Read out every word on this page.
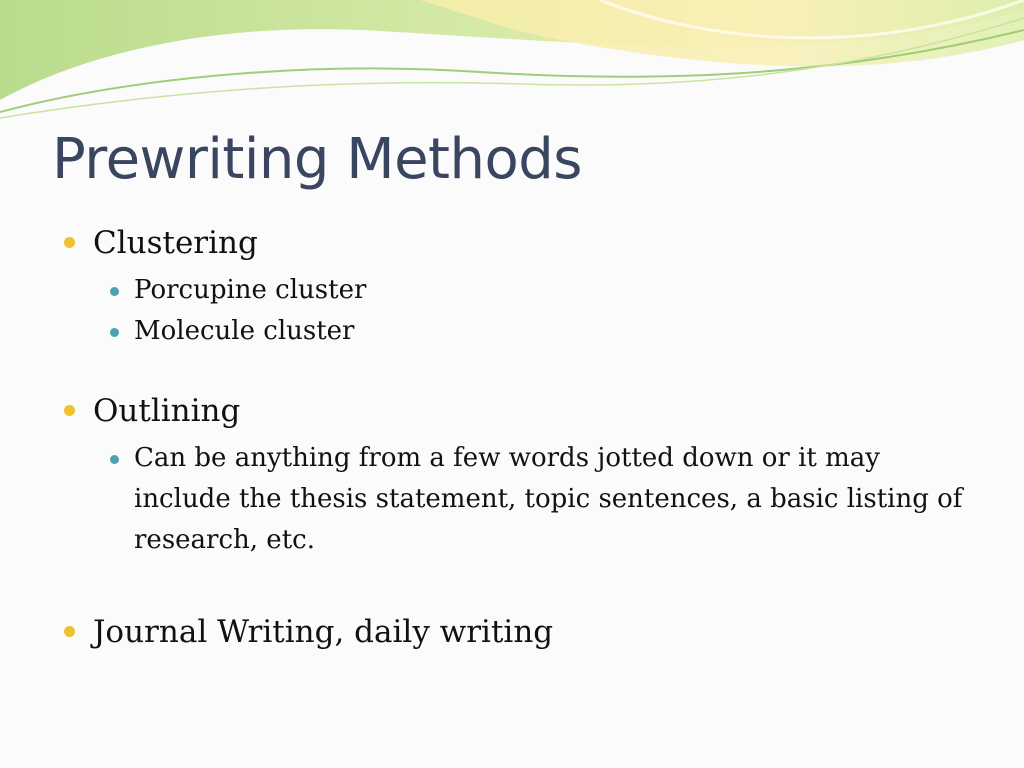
Prewriting Methods
Clustering
Porcupine cluster
Molecule cluster
Outlining
Can be anything from a few words jotted down or it may include the thesis statement, topic sentences, a basic listing of research, etc.
Journal Writing, daily writing
